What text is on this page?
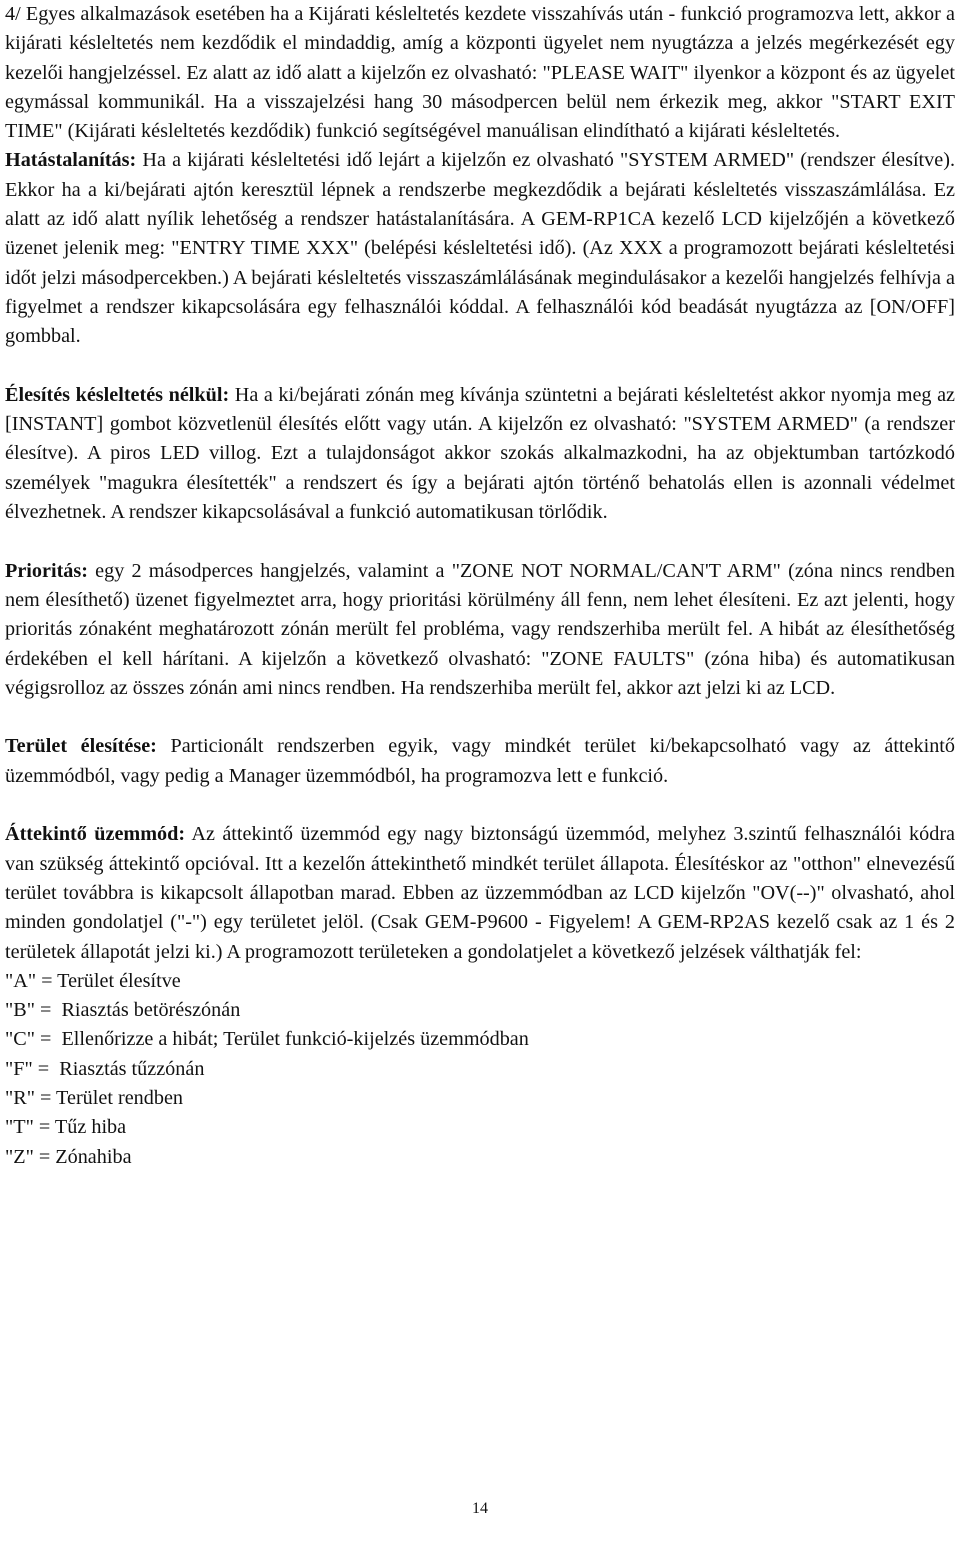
4/ Egyes alkalmazások esetében ha a Kijárati késleltetés kezdete visszahívás után - funkció programozva lett, akkor a kijárati késleltetés nem kezdődik el mindaddig, amíg a központi ügyelet nem nyugtázza a jelzés megérkezését egy kezelői hangjelzéssel. Ez alatt az idő alatt a kijelzőn ez olvasható: "PLEASE WAIT" ilyenkor a központ és az ügyelet egymással kommunikál. Ha a visszajelzési hang 30 másodpercen belül nem érkezik meg, akkor "START EXIT TIME" (Kijárati késleltetés kezdődik) funkció segítségével manuálisan elindítható a kijárati késleltetés.

Hatástalanítás: Ha a kijárati késleltetési idő lejárt a kijelzőn ez olvasható "SYSTEM ARMED" (rendszer élesítve). Ekkor ha a ki/bejárati ajtón keresztül lépnek a rendszerbe megkezdődik a bejárati késleltetés visszaszámlálása. Ez alatt az idő alatt nyílik lehetőség a rendszer hatástalanítására. A GEM-RP1CA kezelő LCD kijelzőjén a következő üzenet jelenik meg: "ENTRY TIME XXX" (belépési késleltetési idő). (Az XXX a programozott bejárati késleltetési időt jelzi másodpercekben.) A bejárati késleltetés visszaszámlálásának megindulásakor a kezelői hangjelzés felhívja a figyelmet a rendszer kikapcsolására egy felhasználói kóddal. A felhasználói kód beadását nyugtázza az [ON/OFF] gombbal.

Élesítés késleltetés nélkül: Ha a ki/bejárati zónán meg kívánja szüntetni a bejárati késleltetést akkor nyomja meg az [INSTANT] gombot közvetlenül élesítés előtt vagy után. A kijelzőn ez olvasható: "SYSTEM ARMED" (a rendszer élesítve). A piros LED villog. Ezt a tulajdonságot akkor szokás alkalmazkodni, ha az objektumban tartózkodó személyek "magukra élesítették" a rendszert és így a bejárati ajtón történő behatolás ellen is azonnali védelmet élvezhetnek. A rendszer kikapcsolásával a funkció automatikusan törlődik.

Prioritás: egy 2 másodperces hangjelzés, valamint a "ZONE NOT NORMAL/CAN'T ARM" (zóna nincs rendben nem élesíthető) üzenet figyelmeztet arra, hogy prioritási körülmény áll fenn, nem lehet élesíteni. Ez azt jelenti, hogy prioritás zónaként meghatározott zónán merült fel probléma, vagy rendszerhiba merült fel. A hibát az élesíthetőség érdekében el kell hárítani. A kijelzőn a következő olvasható: "ZONE FAULTS" (zóna hiba) és automatikusan végigsrolloz az összes zónán ami nincs rendben. Ha rendszerhiba merült fel, akkor azt jelzi ki az LCD.

Terület élesítése: Particionált rendszerben egyik, vagy mindkét terület ki/bekapcsolható vagy az áttekintő üzemmódból, vagy pedig a Manager üzemmódból, ha programozva lett e funkció.

Áttekintő üzemmód: Az áttekintő üzemmód egy nagy biztonságú üzemmód, melyhez 3.szintű felhasználói kódra van szükség áttekintő opcióval. Itt a kezelőn áttekinthető mindkét terület állapota. Élesítéskor az "otthon" elnevezésű terület továbbra is kikapcsolt állapotban marad. Ebben az üzzemmódban az LCD kijelzőn "OV(--)" olvasható, ahol minden gondolatjel ("-") egy területet jelöl. (Csak GEM-P9600 - Figyelem! A GEM-RP2AS kezelő csak az 1 és 2 területek állapotát jelzi ki.) A programozott területeken a gondolatjelet a következő jelzések válthatják fel:

"A" = Terület élesítve
"B" =  Riasztás betörészónán
"C" =  Ellenőrizze a hibát; Terület funkció-kijelzés üzemmódban
"F" =  Riasztás tűzzónán
"R" = Terület rendben
"T" = Tűz hiba
"Z" = Zónahiba
14
